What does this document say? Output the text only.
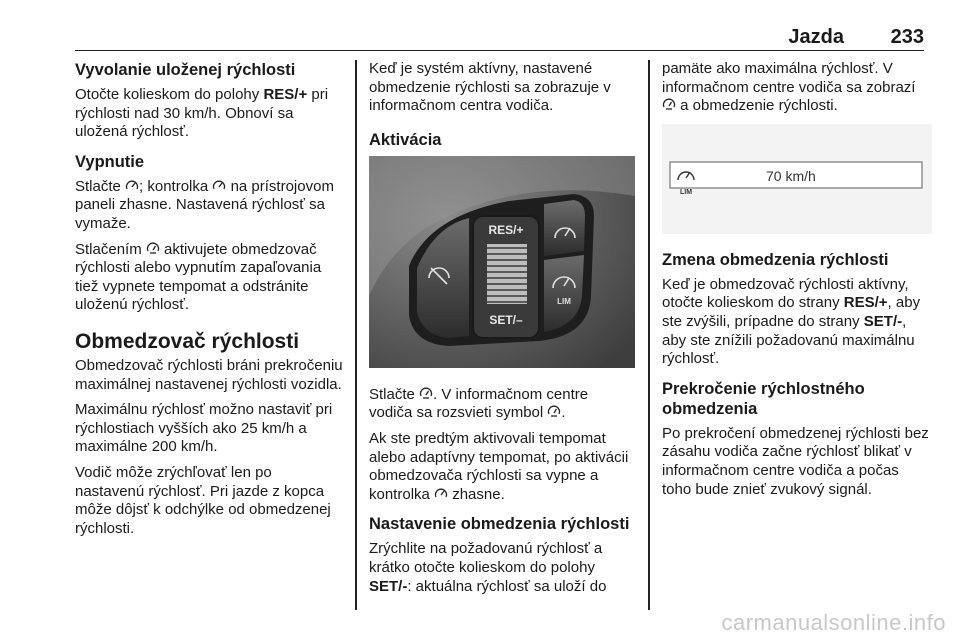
Jazda 233
Vyvolanie uloženej rýchlosti

Otočte kolieskom do polohy RES/+ pri rýchlosti nad 30 km/h. Obnoví sa uložená rýchlosť.

Vypnutie

Stlačte ; kontrolka  na prístrojovom paneli zhasne. Nastavená rýchlosť sa vymaže.

Stlačením  aktivujete obmedzovač rýchlosti alebo vypnutím zapaľovania tiež vypnete tempomat a odstránite uloženú rýchlosť.

Obmedzovač rýchlosti

Obmedzovač rýchlosti bráni prekročeniu maximálnej nastavenej rýchlosti vozidla.

Maximálnu rýchlosť možno nastaviť pri rýchlostiach vyšších ako 25 km/h a maximálne 200 km/h.

Vodič môže zrýchľovať len po nastavenú rýchlosť. Pri jazde z kopca môže dôjsť k odchýlke od obmedzenej rýchlosti.

Keď je systém aktívny, nastavené obmedzenie rýchlosti sa zobrazuje v informačnom centra vodiča.

Aktivácia
RES/+
SET/–
LIM

Stlačte . V informačnom centre vodiča sa rozsvieti symbol .

Ak ste predtým aktivovali tempomat alebo adaptívny tempomat, po aktivácii obmedzovača rýchlosti sa vypne a kontrolka  zhasne.

Nastavenie obmedzenia rýchlosti

Zrýchlite na požadovanú rýchlosť a krátko otočte kolieskom do polohy SET/-: aktuálna rýchlosť sa uloží do

pamäte ako maximálna rýchlosť. V informačnom centre vodiča sa zobrazí  a obmedzenie rýchlosti.

LIM
70 km/h
Zmena obmedzenia rýchlosti

Keď je obmedzovač rýchlosti aktívny, otočte kolieskom do strany RES/+, aby ste zvýšili, prípadne do strany SET/-, aby ste znížili požadovanú maximálnu rýchlosť.

Prekročenie rýchlostného obmedzenia

Po prekročení obmedzenej rýchlosti bez zásahu vodiča začne rýchlosť blikať v informačnom centre vodiča a počas toho bude znieť zvukový signál.

carmanualsonline.info
